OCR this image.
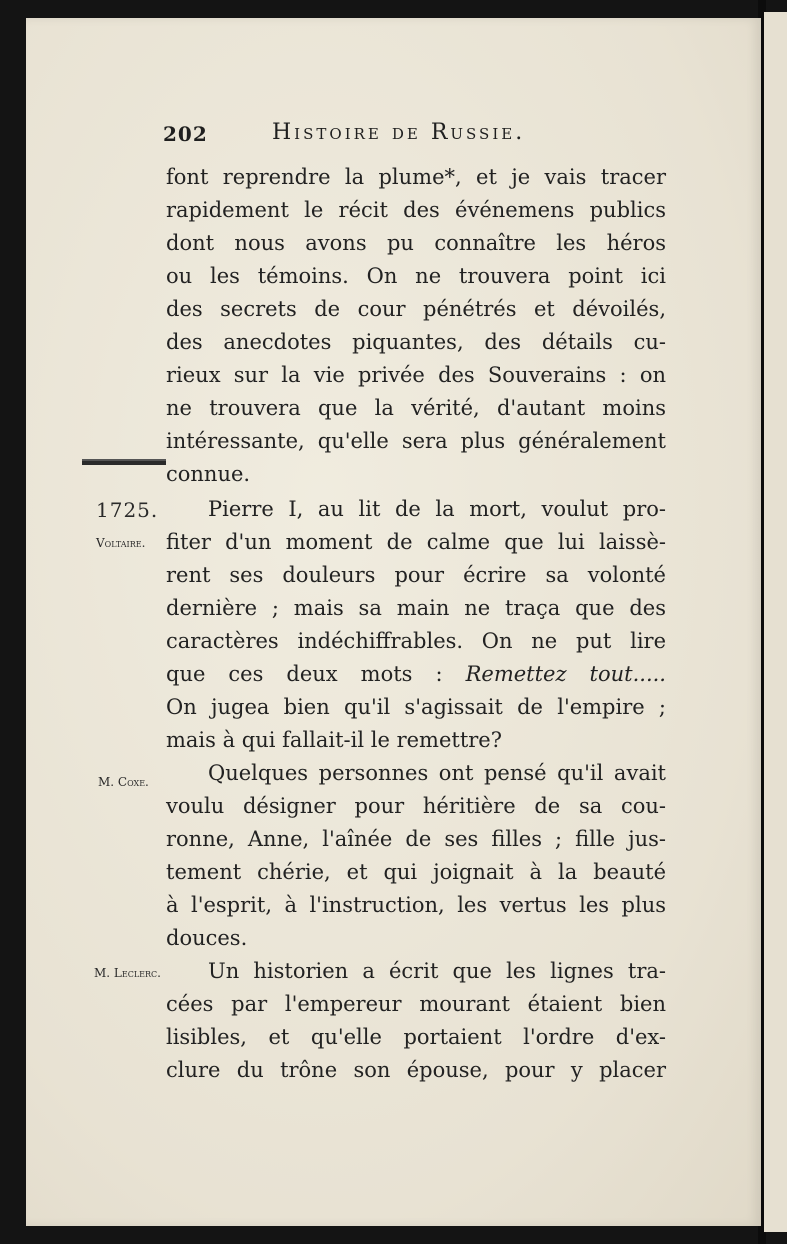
202	Histoire de Russie.
1725.
Voltaire.
M. Coxe.
M. Leclerc.
font reprendre la plume*, et je vais tracer
rapidement le récit des événemens publics
dont nous avons pu connaître les héros
ou les témoins. On ne trouvera point ici
des secrets de cour pénétrés et dévoilés,
des anecdotes piquantes, des détails cu-
rieux sur la vie privée des Souverains : on
ne trouvera que la vérité, d'autant moins
intéressante, qu'elle sera plus généralement
connue.
Pierre I, au lit de la mort, voulut pro-
fiter d'un moment de calme que lui laissè-
rent ses douleurs pour écrire sa volonté
dernière ; mais sa main ne traça que des
caractères indéchiffrables. On ne put lire
que ces deux mots : Remettez tout.....
On jugea bien qu'il s'agissait de l'empire ;
mais à qui fallait-il le remettre?
Quelques personnes ont pensé qu'il avait
voulu désigner pour héritière de sa cou-
ronne, Anne, l'aînée de ses filles ; fille jus-
tement chérie, et qui joignait à la beauté
à l'esprit, à l'instruction, les vertus les plus
douces.
Un historien a écrit que les lignes tra-
cées par l'empereur mourant étaient bien
lisibles, et qu'elle portaient l'ordre d'ex-
clure du trône son épouse, pour y placer
